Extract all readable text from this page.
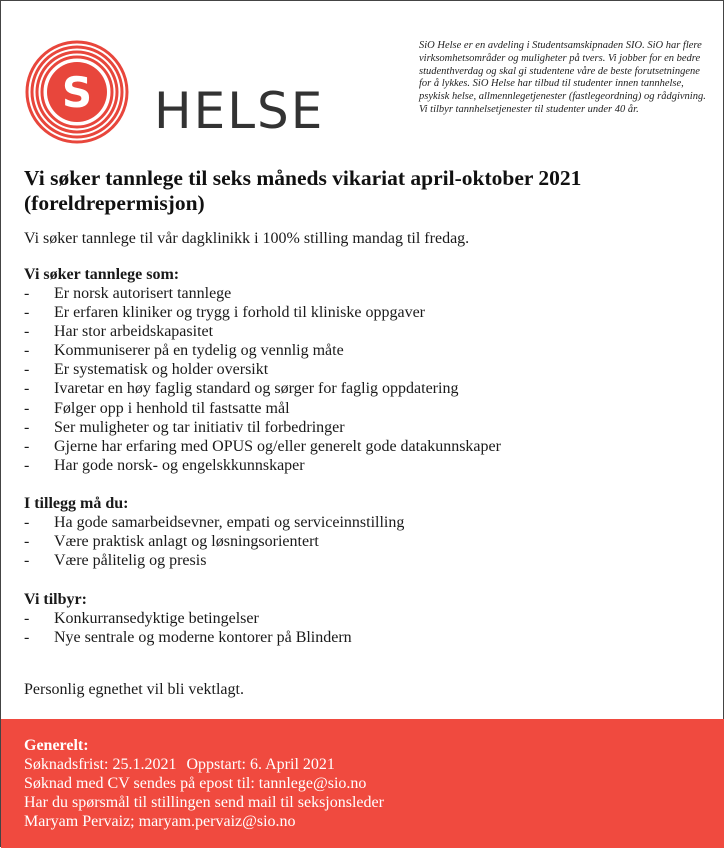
S HELSE
SiO Helse er en avdeling i Studentsamskipnaden SIO. SiO har flere virksomhetsområder og muligheter på tvers. Vi jobber for en bedre studenthverdag og skal gi studentene våre de beste forutsetningene for å lykkes. SiO Helse har tilbud til studenter innen tannhelse, psykisk helse, allmennlegetjenester (fastlegeordning) og rådgivning. Vi tilbyr tannhelsetjenester til studenter under 40 år.
Vi søker tannlege til seks måneds vikariat april-oktober 2021 (foreldrepermisjon)
Vi søker tannlege til vår dagklinikk i 100% stilling mandag til fredag.
Vi søker tannlege som:
- Er norsk autorisert tannlege
- Er erfaren kliniker og trygg i forhold til kliniske oppgaver
- Har stor arbeidskapasitet
- Kommuniserer på en tydelig og vennlig måte
- Er systematisk og holder oversikt
- Ivaretar en høy faglig standard og sørger for faglig oppdatering
- Følger opp i henhold til fastsatte mål
- Ser muligheter og tar initiativ til forbedringer
- Gjerne har erfaring med OPUS og/eller generelt gode datakunnskaper
- Har gode norsk- og engelskkunnskaper
I tillegg må du:
- Ha gode samarbeidsevner, empati og serviceinnstilling
- Være praktisk anlagt og løsningsorientert
- Være pålitelig og presis
Vi tilbyr:
- Konkurransedyktige betingelser
- Nye sentrale og moderne kontorer på Blindern
Personlig egnethet vil bli vektlagt.
Generelt:
Søknadsfrist: 25.1.2021 Oppstart: 6. April 2021
Søknad med CV sendes på epost til: tannlege@sio.no
Har du spørsmål til stillingen send mail til seksjonsleder
Maryam Pervaiz; maryam.pervaiz@sio.no
